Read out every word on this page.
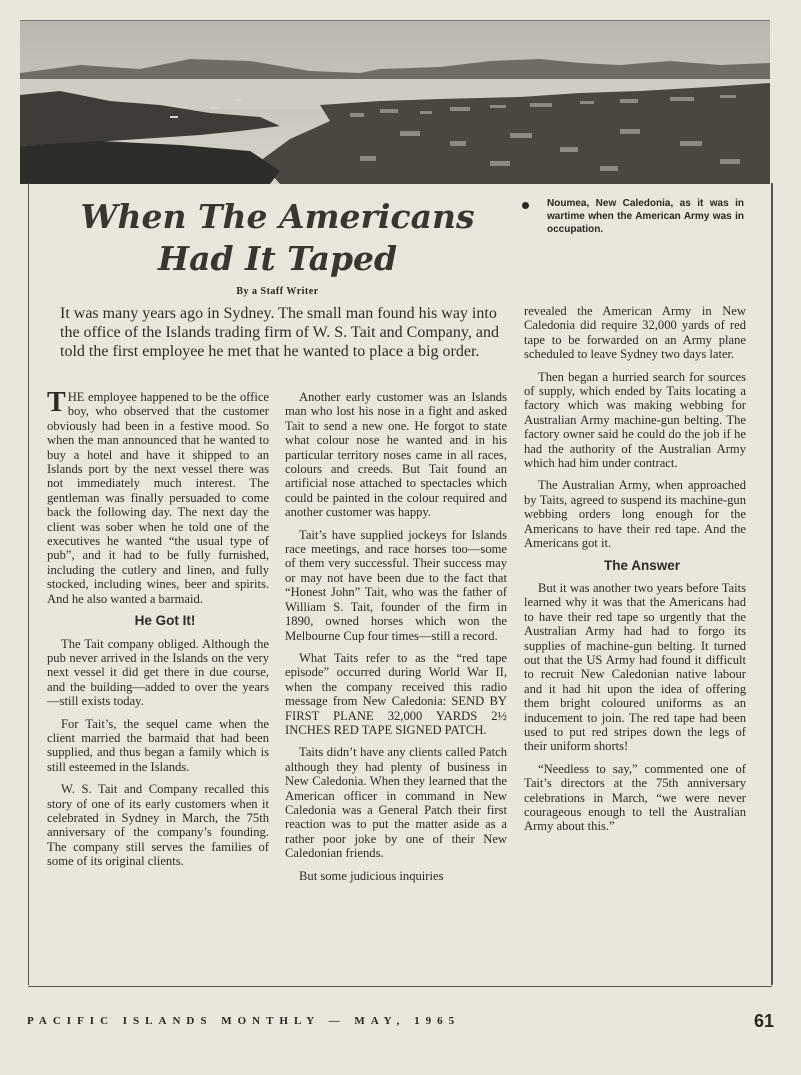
When The Americans
Had It Taped
By a Staff Writer
Noumea, New Caledonia, as it was in wartime when the American Army was in occupation.
It was many years ago in Sydney. The small man found his way into the office of the Islands trading firm of W. S. Tait and Company, and told the first employee he met that he wanted to place a big order.

THE employee happened to be the office boy, who observed that the customer obviously had been in a festive mood. So when the man announced that he wanted to buy a hotel and have it shipped to an Islands port by the next vessel there was not immediately much interest. The gentleman was finally persuaded to come back the following day. The next day the client was sober when he told one of the executives he wanted “the usual type of pub”, and it had to be fully furnished, including the cutlery and linen, and fully stocked, including wines, beer and spirits. And he also wanted a barmaid.

He Got It!

The Tait company obliged. Although the pub never arrived in the Islands on the very next vessel it did get there in due course, and the building—added to over the years—still exists today.

For Tait’s, the sequel came when the client married the barmaid that had been supplied, and thus began a family which is still esteemed in the Islands.

W. S. Tait and Company recalled this story of one of its early customers when it celebrated in Sydney in March, the 75th anniversary of the company’s founding. The company still serves the families of some of its original clients.

Another early customer was an Islands man who lost his nose in a fight and asked Tait to send a new one. He forgot to state what colour nose he wanted and in his particular territory noses came in all races, colours and creeds. But Tait found an artificial nose attached to spectacles which could be painted in the colour required and another customer was happy.

Tait’s have supplied jockeys for Islands race meetings, and race horses too—some of them very successful. Their success may or may not have been due to the fact that “Honest John” Tait, who was the father of William S. Tait, founder of the firm in 1890, owned horses which won the Melbourne Cup four times—still a record.

What Taits refer to as the “red tape episode” occurred during World War II, when the company received this radio message from New Caledonia: SEND BY FIRST PLANE 32,000 YARDS 2½ INCHES RED TAPE SIGNED PATCH.

Taits didn’t have any clients called Patch although they had plenty of business in New Caledonia. When they learned that the American officer in command in New Caledonia was a General Patch their first reaction was to put the matter aside as a rather poor joke by one of their New Caledonian friends.

But some judicious inquiries

revealed the American Army in New Caledonia did require 32,000 yards of red tape to be forwarded on an Army plane scheduled to leave Sydney two days later.

Then began a hurried search for sources of supply, which ended by Taits locating a factory which was making webbing for Australian Army machine-gun belting. The factory owner said he could do the job if he had the authority of the Australian Army which had him under contract.

The Australian Army, when approached by Taits, agreed to suspend its machine-gun webbing orders long enough for the Americans to have their red tape. And the Americans got it.

The Answer

But it was another two years before Taits learned why it was that the Americans had to have their red tape so urgently that the Australian Army had had to forgo its supplies of machine-gun belting. It turned out that the US Army had found it difficult to recruit New Caledonian native labour and it had hit upon the idea of offering them bright coloured uniforms as an inducement to join. The red tape had been used to put red stripes down the legs of their uniform shorts!

“Needless to say,” commented one of Tait’s directors at the 75th anniversary celebrations in March, “we were never courageous enough to tell the Australian Army about this.”

PACIFIC ISLANDS MONTHLY — MAY, 1965	61
